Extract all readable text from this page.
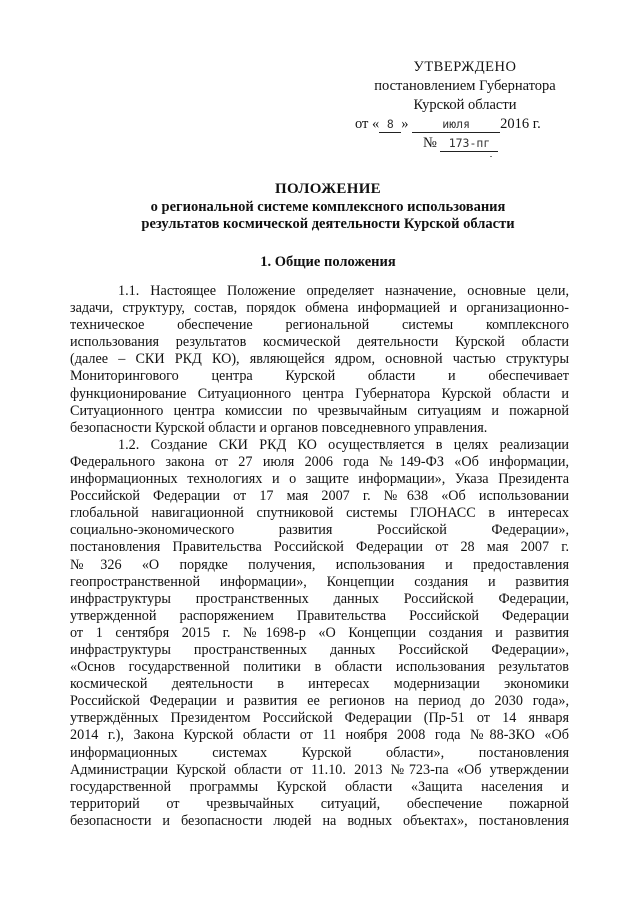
УТВЕРЖДЕНО
постановлением Губернатора
Курской области
от « 8 »	июля 2016 г.
№ 173-пг
ПОЛОЖЕНИЕ
о региональной системе комплексного использования
результатов космической деятельности Курской области
1. Общие положения
1.1. Настоящее Положение определяет назначение, основные цели,
задачи, структуру, состав, порядок обмена информацией и организационно-
техническое обеспечение региональной системы комплексного
использования результатов космической деятельности Курской области
(далее – СКИ РКД КО), являющейся ядром, основной частью структуры
Мониторингового центра Курской области и обеспечивает
функционирование Ситуационного центра Губернатора Курской области и
Ситуационного центра комиссии по чрезвычайным ситуациям и пожарной
безопасности Курской области и органов повседневного управления.
1.2. Создание СКИ РКД КО осуществляется в целях реализации
Федерального закона от 27 июля 2006 года №149-ФЗ «Об информации,
информационных технологиях и о защите информации», Указа Президента
Российской Федерации от 17 мая 2007 г. №638 «Об использовании
глобальной навигационной спутниковой системы ГЛОНАСС в интересах
социально-экономического развития Российской Федерации»,
постановления Правительства Российской Федерации от 28 мая 2007 г.
№326 «О порядке получения, использования и предоставления
геопространственной информации», Концепции создания и развития
инфраструктуры пространственных данных Российской Федерации,
утвержденной распоряжением Правительства Российской Федерации
от 1 сентября 2015 г. №1698-р «О Концепции создания и развития
инфраструктуры пространственных данных Российской Федерации»,
«Основ государственной политики в области использования результатов
космической деятельности в интересах модернизации экономики
Российской Федерации и развития ее регионов на период до 2030 года»,
утверждённых Президентом Российской Федерации (Пр-51 от 14 января
2014 г.), Закона Курской области от 11 ноября 2008 года №88-ЗКО «Об
информационных системах Курской области», постановления
Администрации Курской области от 11.10. 2013 №723-па «Об утверждении
государственной программы Курской области «Защита населения и
территорий от чрезвычайных ситуаций, обеспечение пожарной
безопасности и безопасности людей на водных объектах», постановления
